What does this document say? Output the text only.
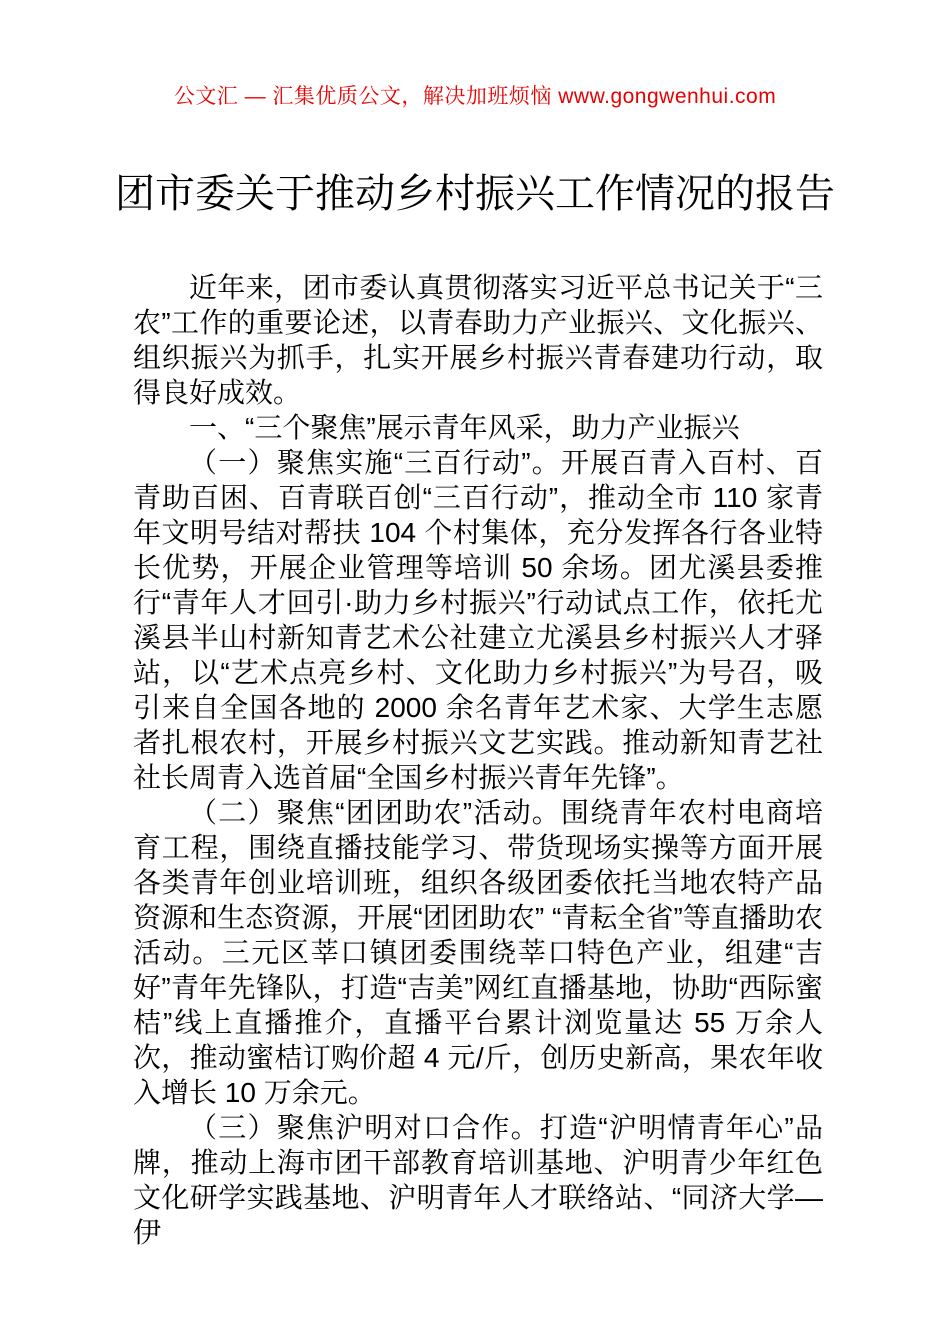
公文汇 — 汇集优质公文，解决加班烦恼 www.gongwenhui.com
团市委关于推动乡村振兴工作情况的报告

近年来，团市委认真贯彻落实习近平总书记关于“三农”工作的重要论述，以青春助力产业振兴、文化振兴、组织振兴为抓手，扎实开展乡村振兴青春建功行动，取得良好成效。

一、“三个聚焦”展示青年风采，助力产业振兴

（一）聚焦实施“三百行动”。开展百青入百村、百青助百困、百青联百创“三百行动”，推动全市 110 家青年文明号结对帮扶 104 个村集体，充分发挥各行各业特长优势，开展企业管理等培训 50 余场。团尤溪县委推行“青年人才回引·助力乡村振兴”行动试点工作，依托尤溪县半山村新知青艺术公社建立尤溪县乡村振兴人才驿站，以“艺术点亮乡村、文化助力乡村振兴”为号召，吸引来自全国各地的 2000 余名青年艺术家、大学生志愿者扎根农村，开展乡村振兴文艺实践。推动新知青艺社社长周青入选首届“全国乡村振兴青年先锋”。

（二）聚焦“团团助农”活动。围绕青年农村电商培育工程，围绕直播技能学习、带货现场实操等方面开展各类青年创业培训班，组织各级团委依托当地农特产品资源和生态资源，开展“团团助农” “青耘全省”等直播助农活动。三元区莘口镇团委围绕莘口特色产业，组建“吉好”青年先锋队，打造“吉美”网红直播基地，协助“西际蜜桔”线上直播推介，直播平台累计浏览量达 55 万余人次，推动蜜桔订购价超 4 元/斤，创历史新高，果农年收入增长 10 万余元。

（三）聚焦沪明对口合作。打造“沪明情青年心”品牌，推动上海市团干部教育培训基地、沪明青少年红色文化研学实践基地、沪明青年人才联络站、“同济大学—伊
